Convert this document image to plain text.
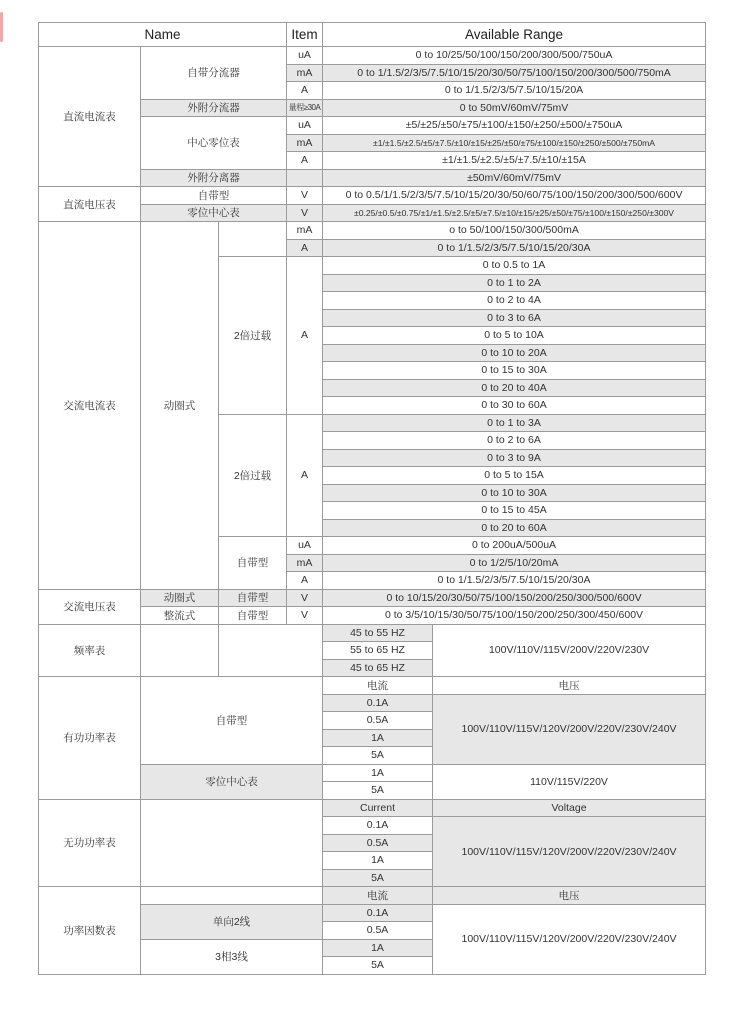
Name			Item	Available Range	
直流电流表	自带分流器		uA	0 to 10/25/50/100/150/200/300/500/750uA	
			mA	0 to 1/1.5/2/3/5/7.5/10/15/20/30/50/75/100/150/200/300/500/750mA	
			A	0 to 1/1.5/2/3/5/7.5/10/15/20A	
	外附分流器		量程≥30A	0 to 50mV/60mV/75mV	
	中心零位表		uA	±5/±25/±50/±75/±100/±150/±250/±500/±750uA	
			mA	±1/±1.5/±2.5/±5/±7.5/±10/±15/±25/±50/±75/±100/±150/±250/±500/±750mA	
			A	±1/±1.5/±2.5/±5/±7.5/±10/±15A	
	外附分离器			±50mV/60mV/75mV	
直流电压表	自带型		V	0 to 0.5/1/1.5/2/3/5/7.5/10/15/20/30/50/60/75/100/150/200/300/500/600V	
	零位中心表		V	±0.25/±0.5/±0.75/±1/±1.5/±2.5/±5/±7.5/±10/±15/±25/±50/±75/±100/±150/±250/±300V	
交流电流表	动圈式		mA	o to 50/100/150/300/500mA	
			A	0 to 1/1.5/2/3/5/7.5/10/15/20/30A	
		2倍过载	A	0 to 0.5 to 1A	
				0 to 1 to 2A	
				0 to 2 to 4A	
				0 to 3 to 6A	
				0 to 5 to 10A	
				0 to 10 to 20A	
				0 to 15 to 30A	
				0 to 20 to 40A	
				0 to 30 to 60A	
		2倍过载	A	0 to 1 to 3A	
				0 to 2 to 6A	
				0 to 3 to 9A	
				0 to 5 to 15A	
				0 to 10 to 30A	
				0 to 15 to 45A	
				0 to 20 to 60A	
		自带型	uA	0 to 200uA/500uA	
			mA	0 to 1/2/5/10/20mA	
			A	0 to 1/1.5/2/3/5/7.5/10/15/20/30A	
交流电压表	动圈式	自带型	V	0 to 10/15/20/30/50/75/100/150/200/250/300/500/600V	
	整流式	自带型	V	0 to 3/5/10/15/30/50/75/100/150/200/250/300/450/600V	
频率表				45 to 55 HZ	100V/110V/115V/200V/220V/230V
				55 to 65 HZ	
				45 to 65 HZ	
有功功率表	自带型			电流	电压
				0.1A	100V/110V/115V/120V/200V/220V/230V/240V
				0.5A	
				1A	
				5A	
	零位中心表			1A	110V/115V/220V
				5A	
无功功率表				Current	Voltage
				0.1A	100V/110V/115V/120V/200V/220V/230V/240V
				0.5A	
				1A	
				5A	
功率因数表				电流	电压
	单向2线			0.1A	100V/110V/115V/120V/200V/220V/230V/240V
				0.5A	
	3相3线			1A	
				5A	
